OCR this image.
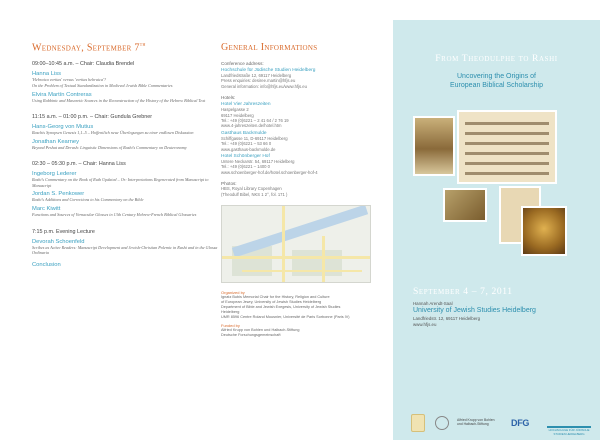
Wednesday, September 7th
09:00–10:45 a.m. – Chair: Claudia Brendel
Hanna Liss
'Hebraica veritas' versus 'veritas hebraica'?
On the Problem of Textual Standardization in Medieval Jewish Bible Commentaries
Elvira Martín Contreras
Using Rabbinic and Masoretic Sources in the Reconstruction of the History of the Hebrew Biblical Text
11:15 a.m. – 01:00 p.m. – Chair: Gundula Grebner
Hans-Georg von Mutius
Raschis Synopsen Genesis 1,1–5 – Hoffentlich neue Überlegungen zu einer endlosen Diskussion
Jonathan Kearney
Beyond Peshat and Derash: Linguistic Dimensions of Rashi's Commentary on Deuteronomy
02:30 – 05:30 p.m. – Chair: Hanna Liss
Ingeborg Lederer
Rashi's Commentary on the Book of Ruth Updated – Or: Interpretations Regenerated from Manuscript to Manuscript
Jordan S. Penkower
Rashi's Additions and Corrections to his Commentary on the Bible
Marc Kiwitt
Functions and Sources of Vernacular Glosses in 13th Century Hebrew-French Biblical Glossaries
7:15 p.m. Evening Lecture
Devorah Schoenfeld
Scribes as Active Readers: Manuscript Development and Jewish-Christian Polemic in Rashi and in the Glossa Ordinaria
Conclusion
General Informations
Conference address:
Hochschule für Jüdische Studien Heidelberg
Landfriedstraße 12, 69117 Heidelberg
Press enquiries: desiree.martin@hfjs.eu
General information: info@hfjs.eu/www.hfjs.eu
Hotels:
Hotel Vier Jahreszeiten
Haspelgasse 2
69117 Heidelberg
Tel.: +49 (0)6221 – 2 41 64 / 2 76 19
www.4-jahreszeiten.de/hotel.htm
Gasthaus Backmulde
Schiffgasse 11, D-69117 Heidelberg
Tel.: +49 (0)6221 – 53 66 0
www.gasthaus-backmulde.de
Hotel Schönberger Hof
Untere Neckarstr. 54, 69117 Heidelberg
Tel.: +49 (0)6221 – 1400 0
www.schoenberger-hof.de/hotel.schoenberger-hof-4
Photos:
HBS, Royal Library Copenhagen
(Theodulf Bibel, NKS 1 2°, fol. 171 )
Organized by
Ignatz Bubis Memorial Chair for the History, Religion and Culture
of European Jewry, University of Jewish Studies Heidelberg
Department of Bible and Jewish Exegesis, University of Jewish Studies
Heidelberg
UMR 8596 Centre Roland Mousnier, Université de Paris Sorbonne (Paris IV)
Funded by
Alfried Krupp von Bohlen und Halbach-Stiftung
Deutsche Forschungsgemeinschaft
From Theodulphe to Rashi
Uncovering the Origins of
European Biblical Scholarship
September 4 – 7, 2011
Hannah Arendt-Saal
University of Jewish Studies Heidelberg
Landfriedstr. 12, 69117 Heidelberg
www.hfjs.eu
Alfried Krupp von Bohlen und Halbach-Stiftung	DFG
HOCHSCHULE FÜR JÜDISCHE STUDIEN HEIDELBERG
